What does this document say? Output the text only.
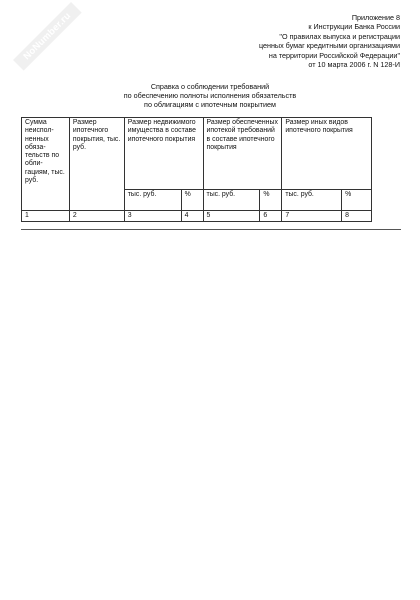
NoNumber.ru	Приложение 8
к Инструкции Банка России
"О правилах выпуска и регистрации
ценных бумаг кредитными организациями
на территории Российской Федерации"
от 10 марта 2006 г. N 128-И
Справка о соблюдении требований
по обеспечению полноты исполнения обязательств
по облигациям с ипотечным покрытием
Сумма неиспол- ненных обяза- тельств по обли- гациям, тыс. руб.	Размер ипотечного покрытия, тыс. руб.	Размер недвижимого имущества в составе ипотечного покрытия		Размер обеспеченных ипотекой требований в составе ипотечного покрытия		Размер иных видов ипотечного покрытия	
		тыс. руб.	%	тыс. руб.	%	тыс. руб.	%
1	2	3	4	5	6	7	8
